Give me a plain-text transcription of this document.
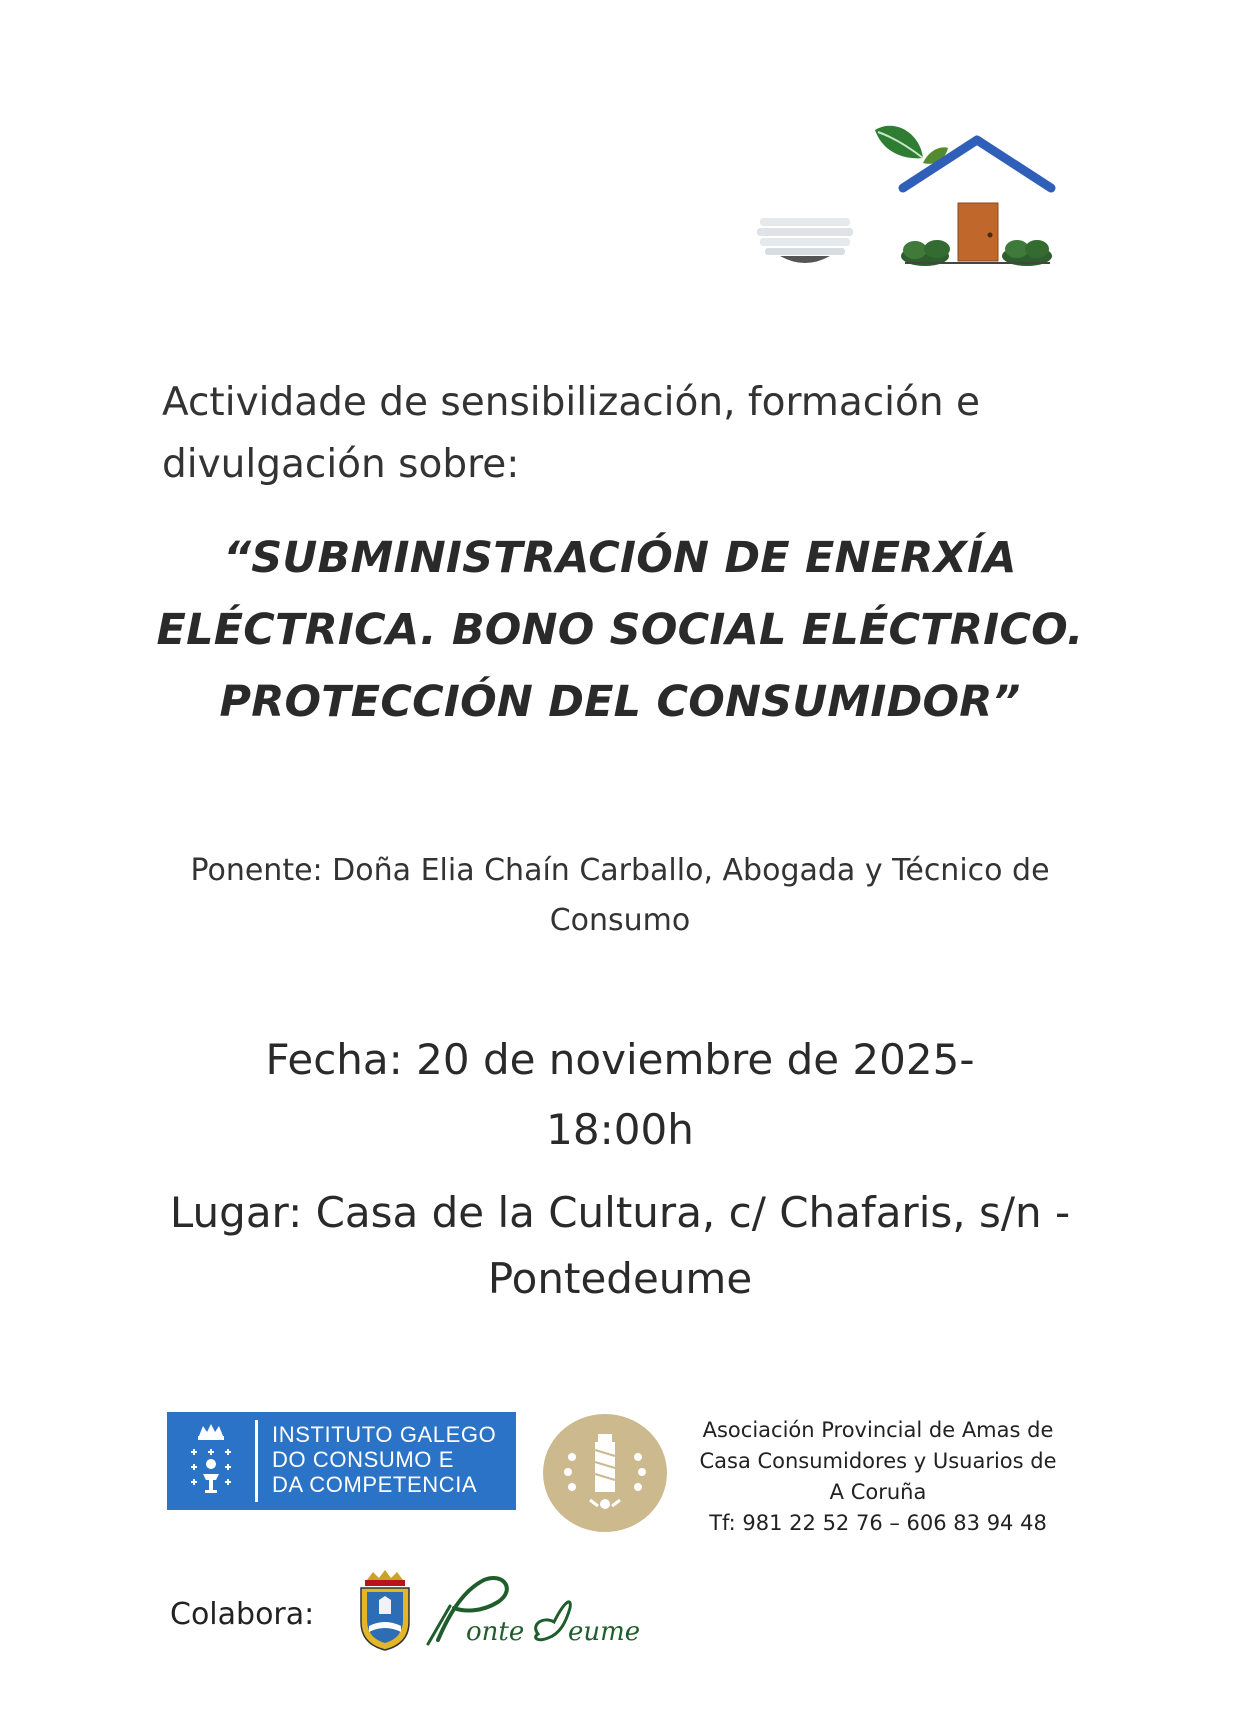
Actividade de sensibilización, formación e
divulgación sobre:
“SUBMINISTRACIÓN DE ENERXÍA
ELÉCTRICA. BONO SOCIAL ELÉCTRICO.
PROTECCIÓN DEL CONSUMIDOR”
Ponente: Doña Elia Chaín Carballo, Abogada y Técnico de
Consumo
Fecha: 20 de noviembre de 2025-
18:00h
Lugar: Casa de la Cultura, c/ Chafaris, s/n -
Pontedeume
INSTITUTO GALEGO
DO CONSUMO E
DA COMPETENCIA
Asociación Provincial de Amas de
Casa Consumidores y Usuarios de
A Coruña
Tf: 981 22 52 76 – 606 83 94 48
Colabora:	onte eume
